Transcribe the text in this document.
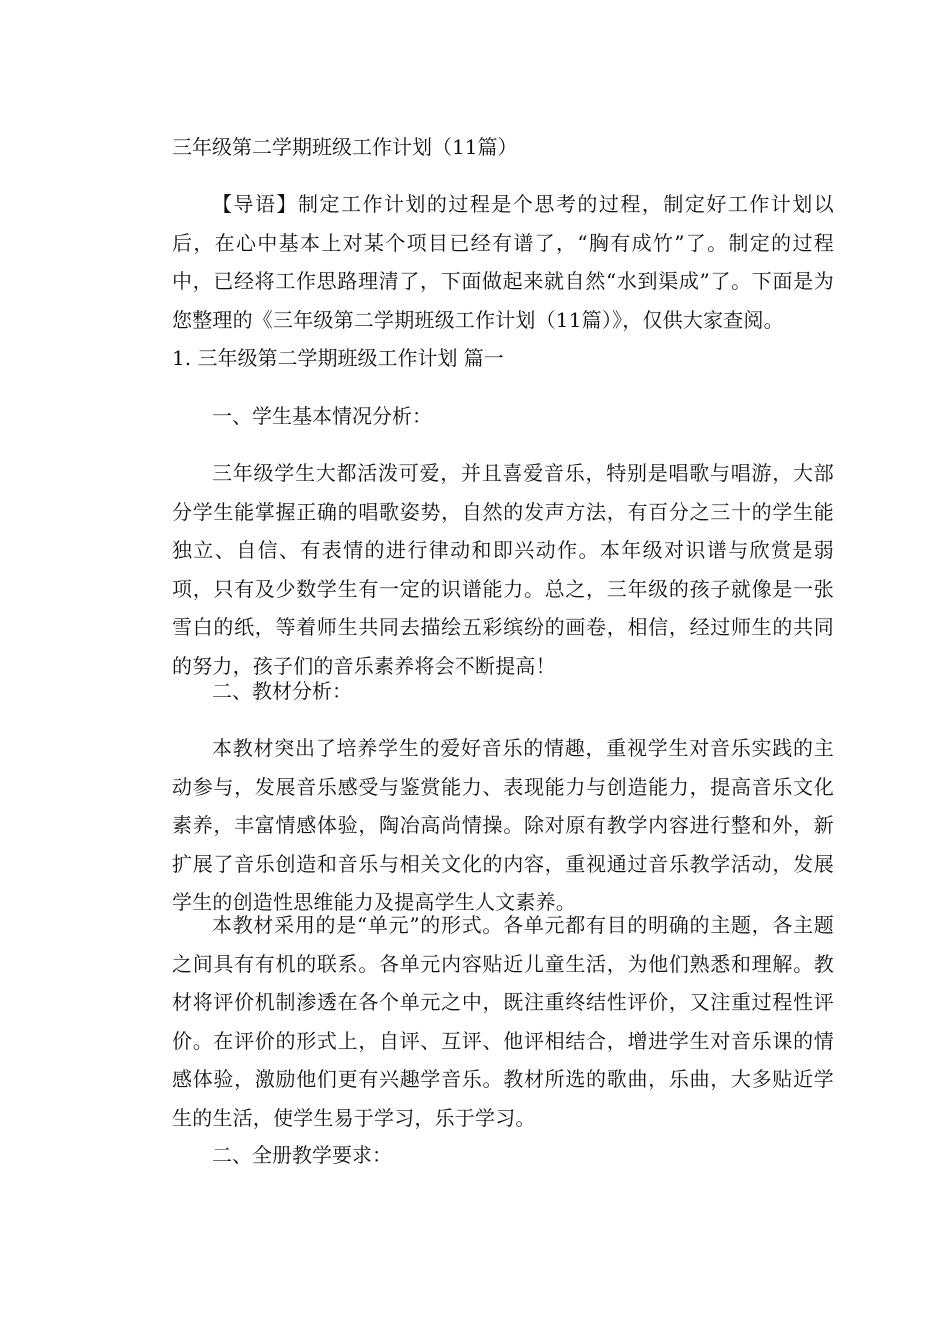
三年级第二学期班级工作计划（11篇）

【导语】制定工作计划的过程是个思考的过程，制定好工作计划以后，在心中基本上对某个项目已经有谱了，“胸有成竹”了。制定的过程中，已经将工作思路理清了，下面做起来就自然“水到渠成”了。下面是为您整理的《三年级第二学期班级工作计划（11篇）》，仅供大家查阅。

1. 三年级第二学期班级工作计划 篇一

一、学生基本情况分析：

三年级学生大都活泼可爱，并且喜爱音乐，特别是唱歌与唱游，大部分学生能掌握正确的唱歌姿势，自然的发声方法，有百分之三十的学生能独立、自信、有表情的进行律动和即兴动作。本年级对识谱与欣赏是弱项，只有及少数学生有一定的识谱能力。总之，三年级的孩子就像是一张雪白的纸，等着师生共同去描绘五彩缤纷的画卷，相信，经过师生的共同的努力，孩子们的音乐素养将会不断提高！

二、教材分析：

本教材突出了培养学生的爱好音乐的情趣，重视学生对音乐实践的主动参与，发展音乐感受与鉴赏能力、表现能力与创造能力，提高音乐文化素养，丰富情感体验，陶冶高尚情操。除对原有教学内容进行整和外，新扩展了音乐创造和音乐与相关文化的内容，重视通过音乐教学活动，发展学生的创造性思维能力及提高学生人文素养。

本教材采用的是“单元”的形式。各单元都有目的明确的主题，各主题之间具有有机的联系。各单元内容贴近儿童生活，为他们熟悉和理解。教材将评价机制渗透在各个单元之中，既注重终结性评价，又注重过程性评价。在评价的形式上，自评、互评、他评相结合，增进学生对音乐课的情感体验，激励他们更有兴趣学音乐。教材所选的歌曲，乐曲，大多贴近学生的生活，使学生易于学习，乐于学习。

二、全册教学要求：
